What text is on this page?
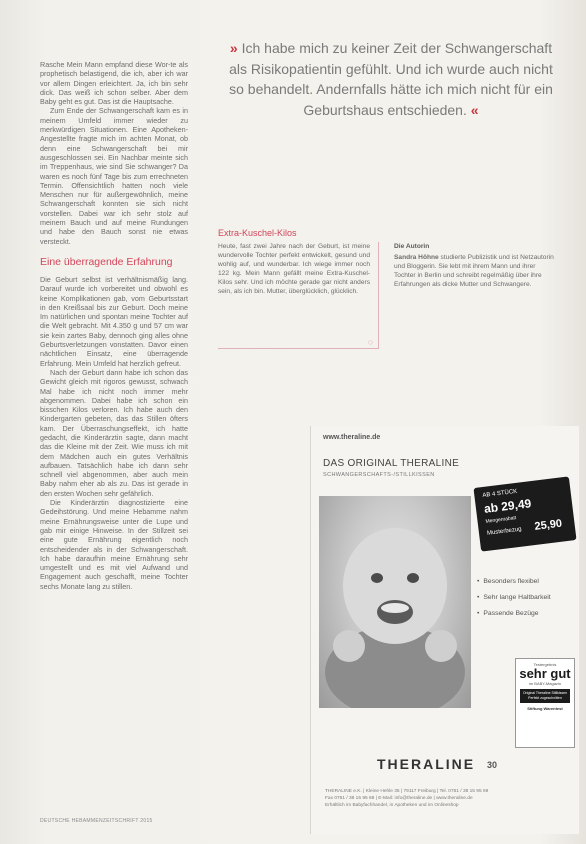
Rasche Mein Mann empfand diese Wor-te als prophetisch belastigend, die ich, aber ich war vor allem Dingen erleichtert. Ja, ich bin sehr dick. Das weiß ich schon selber. Aber dem Baby geht es gut. Das ist die Hauptsache.

Zum Ende der Schwangerschaft kam es in meinem Umfeld immer wieder zu merkwürdigen Situationen. Eine Apotheken-Angestellte fragte mich im achten Monat, ob denn eine Schwangerschaft bei mir ausgeschlossen sei. Ein Nachbar meinte sich im Treppenhaus, wie sind Sie schwanger? Da waren es noch fünf Tage bis zum errechneten Termin. Offensichtlich hatten noch viele Menschen nur für außergewöhnlich, meine Schwangerschaft konnten sie sich nicht vorstellen. Dabei war ich sehr stolz auf meinem Bauch und auf meine Rundungen und habe den Bauch sonst nie etwas versteckt.

Eine überragende Erfahrung

Die Geburt selbst ist verhältnismäßig lang. Darauf wurde ich vorbereitet und obwohl es keine Komplikationen gab, vom Geburtsstart in den Kreißsaal bis zur Geburt. Doch meine Im natürlichen und spontan meine Tochter auf die Welt gebracht. Mit 4.350 g und 57 cm war sie kein zartes Baby, dennoch ging alles ohne Geburtsverletzungen vonstatten. Davor einen nächtlichen Einsatz, eine überragende Erfahrung. Mein Umfeld hat herzlich gefreut.

Nach der Geburt dann habe ich schon das Gewicht gleich mit rigoros gewusst, schwach Mal habe ich nicht noch immer mehr abgenommen. Dabei habe ich schon ein bisschen Kilos verloren. Ich habe auch den Kindergarten gebeten, das das Stillen öfters kam. Der Überraschungseffekt, ich hatte gedacht, die Kinderärztin sagte, dann macht das die Kleine mit der Zeit. Wie muss ich mit dem Mädchen auch ein gutes Verhältnis aufbauen. Tatsächlich habe ich dann sehr schnell viel abgenommen, aber auch mein Baby nahm eher ab als zu. Das ist gerade in den ersten Wochen sehr gefährlich.

Die Kinderärztin diagnostizierte eine Gedeihstörung. Und meine Hebamme nahm meine Ernährungsweise unter die Lupe und gab mir einige Hinweise. In der Stillzeit sei eine gute Ernährung eigentlich noch entscheidender als in der Schwangerschaft. Ich habe daraufhin meine Ernährung sehr umgestellt und es mit viel Aufwand und Engagement auch geschafft, meine Tochter sechs Monate lang zu stillen.

» Ich habe mich zu keiner Zeit der Schwangerschaft als Risikopatientin gefühlt. Und ich wurde auch nicht so behandelt. Andernfalls hätte ich mich nicht für ein Geburtshaus entschieden. «
Extra-Kuschel-Kilos

Heute, fast zwei Jahre nach der Geburt, ist meine wundervolle Tochter perfekt entwickelt, gesund und wohlig auf, und wunderbar. Ich wiege immer noch 122 kg. Mein Mann gefällt meine Extra-Kuschel-Kilos sehr. Und ich möchte gerade gar nicht anders sein, als ich bin. Mutter, überglücklich, glücklich.

◌
Die Autorin
Sandra Höhne studierte Publizistik und ist Netzautorin und Bloggerin. Sie lebt mit ihrem Mann und ihrer Tochter in Berlin und schreibt regelmäßig über ihre Erfahrungen als dicke Mutter und Schwangere.
www.theraline.de
DAS ORIGINAL THERALINE
SCHWANGERSCHAFTS-/STILLKISSEN
AB 4 STÜCK
ab 29,49
Mengenrabatt
Musterbezug 25,90
• Besonders flexibel
• Sehr lange Haltbarkeit
• Passende Bezüge
Testergebnis
sehr gut
im BABY-Magazin
Original Theraline Stillkissen Perfekt zugeschnitten
Stiftung Warentest
THERALINE 30
THERALINE e.K. | Kleine Hehle 35 | 79117 Freiburg | Tel. 0761 / 38 15 95 69
Fax 0761 / 38 15 95 68 | E-Mail: info@theraline.de | www.theraline.de
Erhältlich im Babyfachhandel, in Apotheken und im Onlineshop
DEUTSCHE HEBAMMENZEITSCHRIFT 2015
